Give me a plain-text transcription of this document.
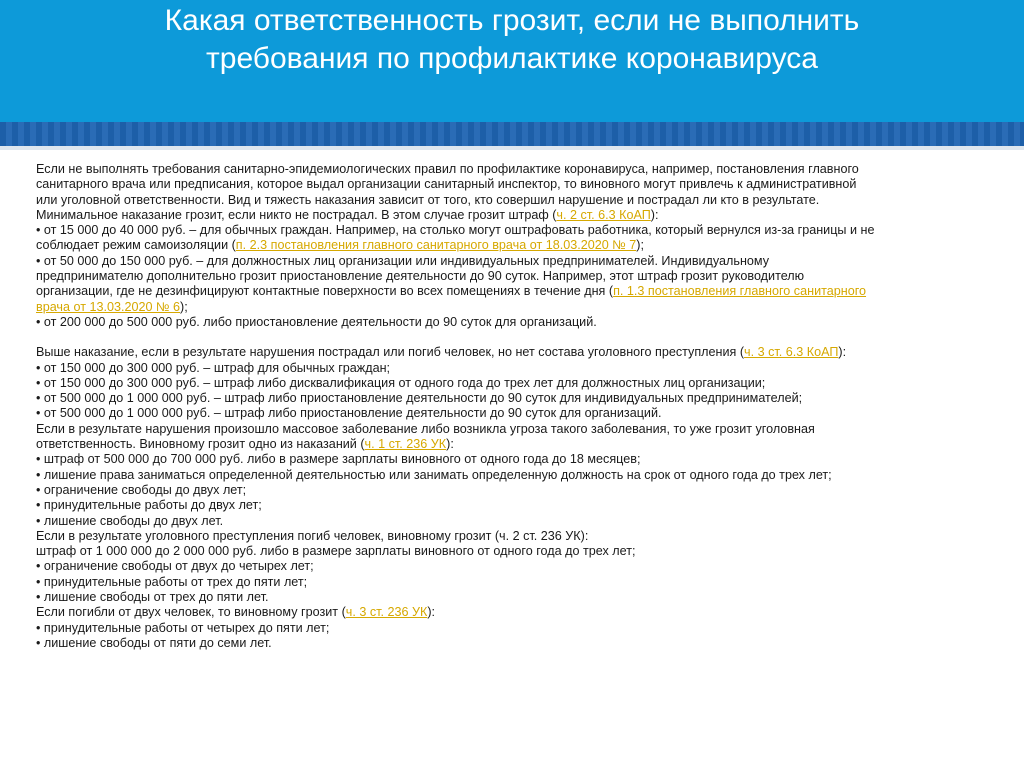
Какая ответственность грозит, если не выполнить
требования по профилактике коронавируса
Если не выполнять требования санитарно-эпидемиологических правил по профилактике коронавируса, например, постановления главного
санитарного врача или предписания, которое выдал организации санитарный инспектор, то виновного могут привлечь к административной
или уголовной ответственности. Вид и тяжесть наказания зависит от того, кто совершил нарушение и пострадал ли кто в результате.
Минимальное наказание грозит, если никто не пострадал. В этом случае грозит штраф (ч. 2 ст. 6.3 КоАП):
• от 15 000 до 40 000 руб. – для обычных граждан. Например, на столько могут оштрафовать работника, который вернулся из-за границы и не
соблюдает режим самоизоляции (п. 2.3 постановления главного санитарного врача от 18.03.2020 № 7);
• от 50 000 до 150 000 руб. – для должностных лиц организации или индивидуальных предпринимателей. Индивидуальному
предпринимателю дополнительно грозит приостановление деятельности до 90 суток. Например, этот штраф грозит руководителю
организации, где не дезинфицируют контактные поверхности во всех помещениях в течение дня (п. 1.3 постановления главного санитарного
врача от 13.03.2020 № 6);
• от 200 000 до 500 000 руб. либо приостановление деятельности до 90 суток для организаций.
Выше наказание, если в результате нарушения пострадал или погиб человек, но нет состава уголовного преступления (ч. 3 ст. 6.3 КоАП):
• от 150 000 до 300 000 руб. – штраф для обычных граждан;
• от 150 000 до 300 000 руб. – штраф либо дисквалификация от одного года до трех лет для должностных лиц организации;
• от 500 000 до 1 000 000 руб. – штраф либо приостановление деятельности до 90 суток для индивидуальных предпринимателей;
• от 500 000 до 1 000 000 руб. – штраф либо приостановление деятельности до 90 суток для организаций.
Если в результате нарушения произошло массовое заболевание либо возникла угроза такого заболевания, то уже грозит уголовная
ответственность. Виновному грозит одно из наказаний (ч. 1 ст. 236 УК):
• штраф от 500 000 до 700 000 руб. либо в размере зарплаты виновного от одного года до 18 месяцев;
• лишение права заниматься определенной деятельностью или занимать определенную должность на срок от одного года до трех лет;
• ограничение свободы до двух лет;
• принудительные работы до двух лет;
• лишение свободы до двух лет.
Если в результате уголовного преступления погиб человек, виновному грозит (ч. 2 ст. 236 УК):
штраф от 1 000 000 до 2 000 000 руб. либо в размере зарплаты виновного от одного года до трех лет;
• ограничение свободы от двух до четырех лет;
• принудительные работы от трех до пяти лет;
• лишение свободы от трех до пяти лет.
Если погибли от двух человек, то виновному грозит (ч. 3 ст. 236 УК):
• принудительные работы от четырех до пяти лет;
• лишение свободы от пяти до семи лет.
